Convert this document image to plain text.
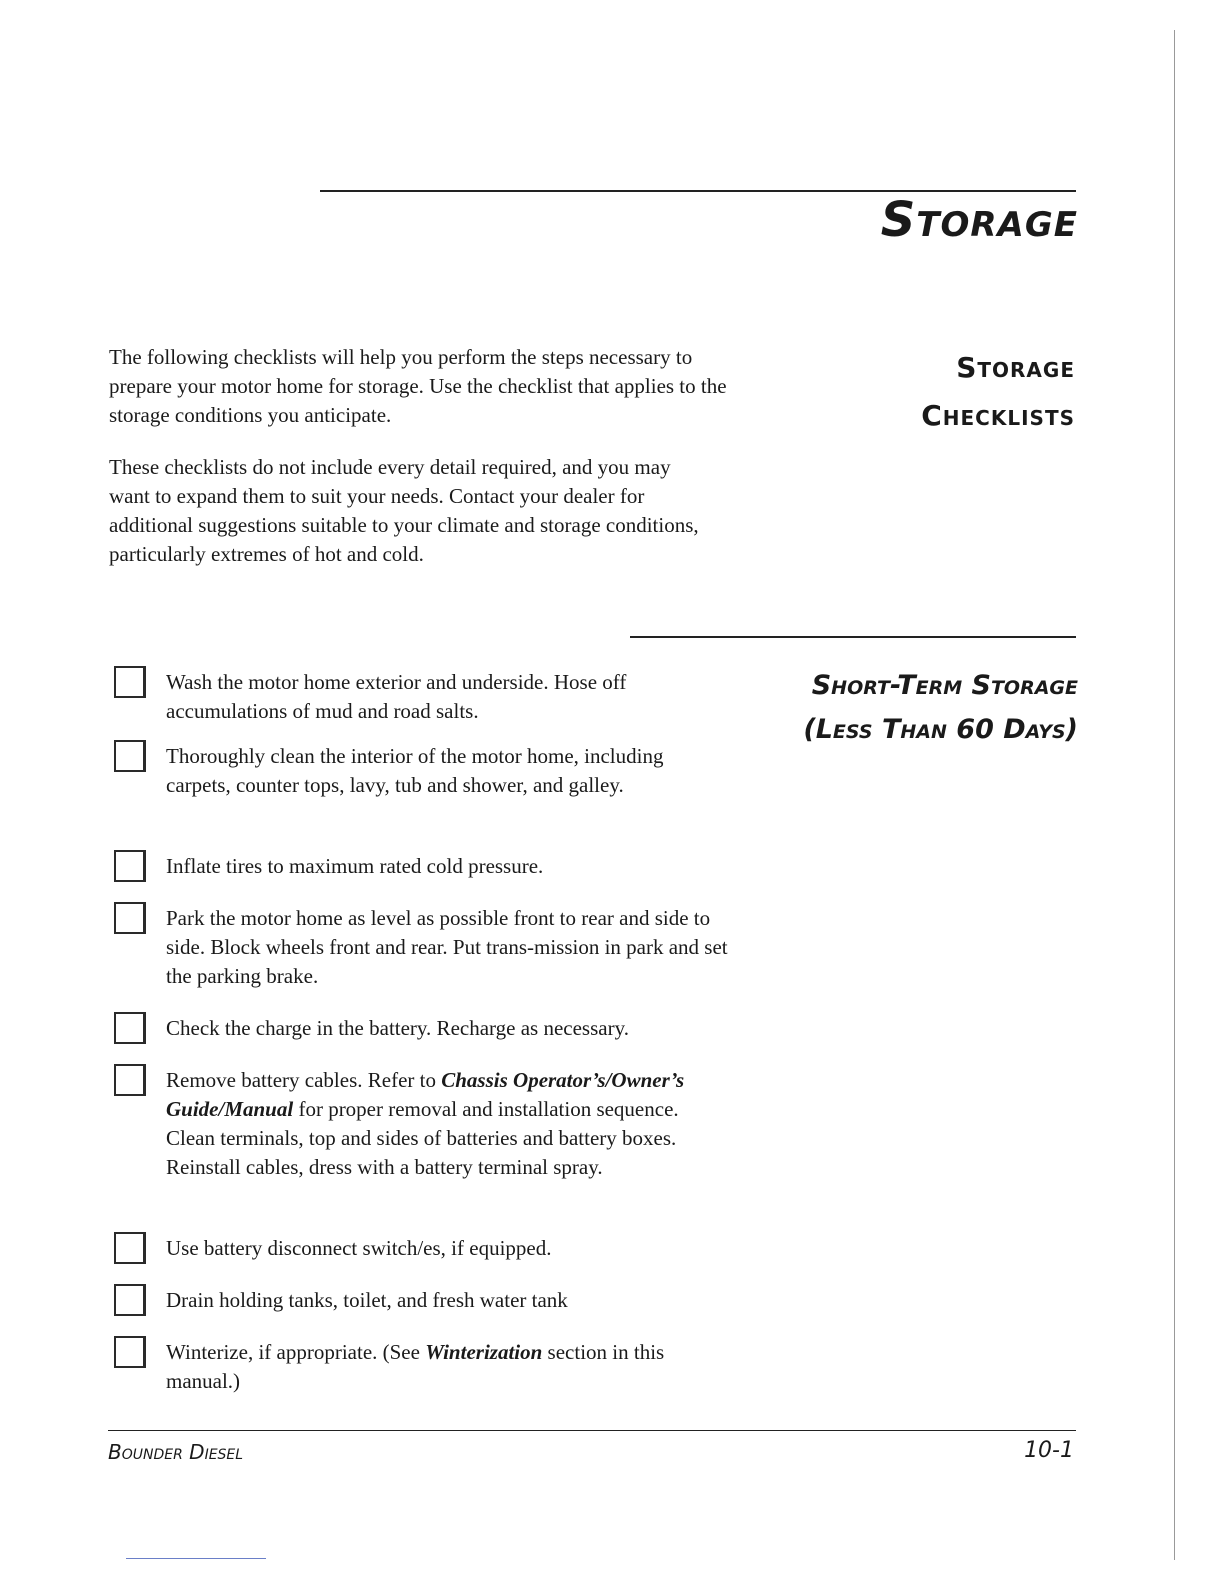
Storage
Storage
Checklists

The following checklists will help you perform the steps necessary to prepare your motor home for storage. Use the checklist that applies to the storage conditions you anticipate.

These checklists do not include every detail required, and you may want to expand them to suit your needs. Contact your dealer for additional suggestions suitable to your climate and storage conditions, particularly extremes of hot and cold.

Short-Term Storage
(Less Than 60 Days)

Wash the motor home exterior and underside. Hose off accumulations of mud and road salts.

Thoroughly clean the interior of the motor home, including carpets, counter tops, lavy, tub and shower, and galley.

Inflate tires to maximum rated cold pressure.

Park the motor home as level as possible front to rear and side to side. Block wheels front and rear. Put trans-mission in park and set the parking brake.

Check the charge in the battery. Recharge as necessary.

Remove battery cables. Refer to Chassis Operator’s/Owner’s Guide/Manual for proper removal and installation sequence. Clean terminals, top and sides of batteries and battery boxes. Reinstall cables, dress with a battery terminal spray.

Use battery disconnect switch/es, if equipped.

Drain holding tanks, toilet, and fresh water tank

Winterize, if appropriate. (See Winterization section in this manual.)

Bounder Diesel	10-1
